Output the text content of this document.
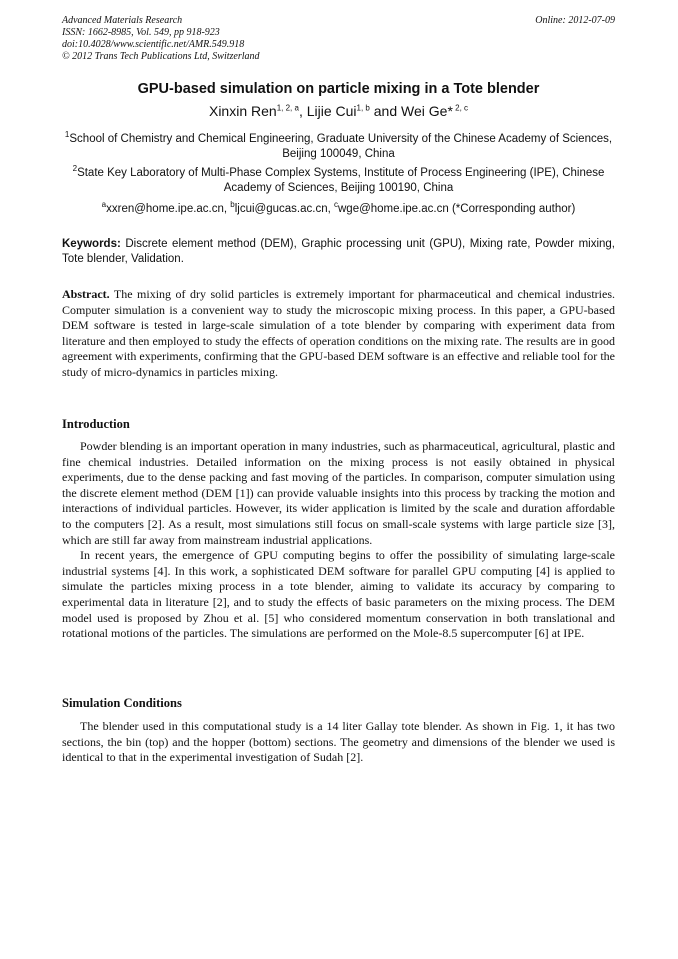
Advanced Materials Research
ISSN: 1662-8985, Vol. 549, pp 918-923
doi:10.4028/www.scientific.net/AMR.549.918
© 2012 Trans Tech Publications Ltd, Switzerland
Online: 2012-07-09
GPU-based simulation on particle mixing in a Tote blender
Xinxin Ren$^{1, 2, a}$, Lijie Cui$^{1, b}$ and Wei Ge* $^{2, c}$
$^1$School of Chemistry and Chemical Engineering, Graduate University of the Chinese Academy of Sciences, Beijing 100049, China
$^2$State Key Laboratory of Multi-Phase Complex Systems, Institute of Process Engineering (IPE), Chinese Academy of Sciences, Beijing 100190, China
$^a$xxren@home.ipe.ac.cn, $^b$ljcui@gucas.ac.cn, $^c$wge@home.ipe.ac.cn (*Corresponding author)
Keywords: Discrete element method (DEM), Graphic processing unit (GPU), Mixing rate, Powder mixing, Tote blender, Validation.
Abstract. The mixing of dry solid particles is extremely important for pharmaceutical and chemical industries. Computer simulation is a convenient way to study the microscopic mixing process. In this paper, a GPU-based DEM software is tested in large-scale simulation of a tote blender by comparing with experiment data from literature and then employed to study the effects of operation conditions on the mixing rate. The results are in good agreement with experiments, confirming that the GPU-based DEM software is an effective and reliable tool for the study of micro-dynamics in particles mixing.
Introduction

Powder blending is an important operation in many industries, such as pharmaceutical, agricultural, plastic and fine chemical industries. Detailed information on the mixing process is not easily obtained in physical experiments, due to the dense packing and fast moving of the particles. In comparison, computer simulation using the discrete element method (DEM [1]) can provide valuable insights into this process by tracking the motion and interactions of individual particles. However, its wider application is limited by the scale and duration affordable to the computers [2]. As a result, most simulations still focus on small-scale systems with large particle size [3], which are still far away from mainstream industrial applications.

In recent years, the emergence of GPU computing begins to offer the possibility of simulating large-scale industrial systems [4]. In this work, a sophisticated DEM software for parallel GPU computing [4] is applied to simulate the particles mixing process in a tote blender, aiming to validate its accuracy by comparing to experimental data in literature [2], and to study the effects of basic parameters on the mixing process. The DEM model used is proposed by Zhou et al. [5] who considered momentum conservation in both translational and rotational motions of the particles. The simulations are performed on the Mole-8.5 supercomputer [6] at IPE.

Simulation Conditions

The blender used in this computational study is a 14 liter Gallay tote blender. As shown in Fig. 1, it has two sections, the bin (top) and the hopper (bottom) sections. The geometry and dimensions of the blender we used is identical to that in the experimental investigation of Sudah [2].
